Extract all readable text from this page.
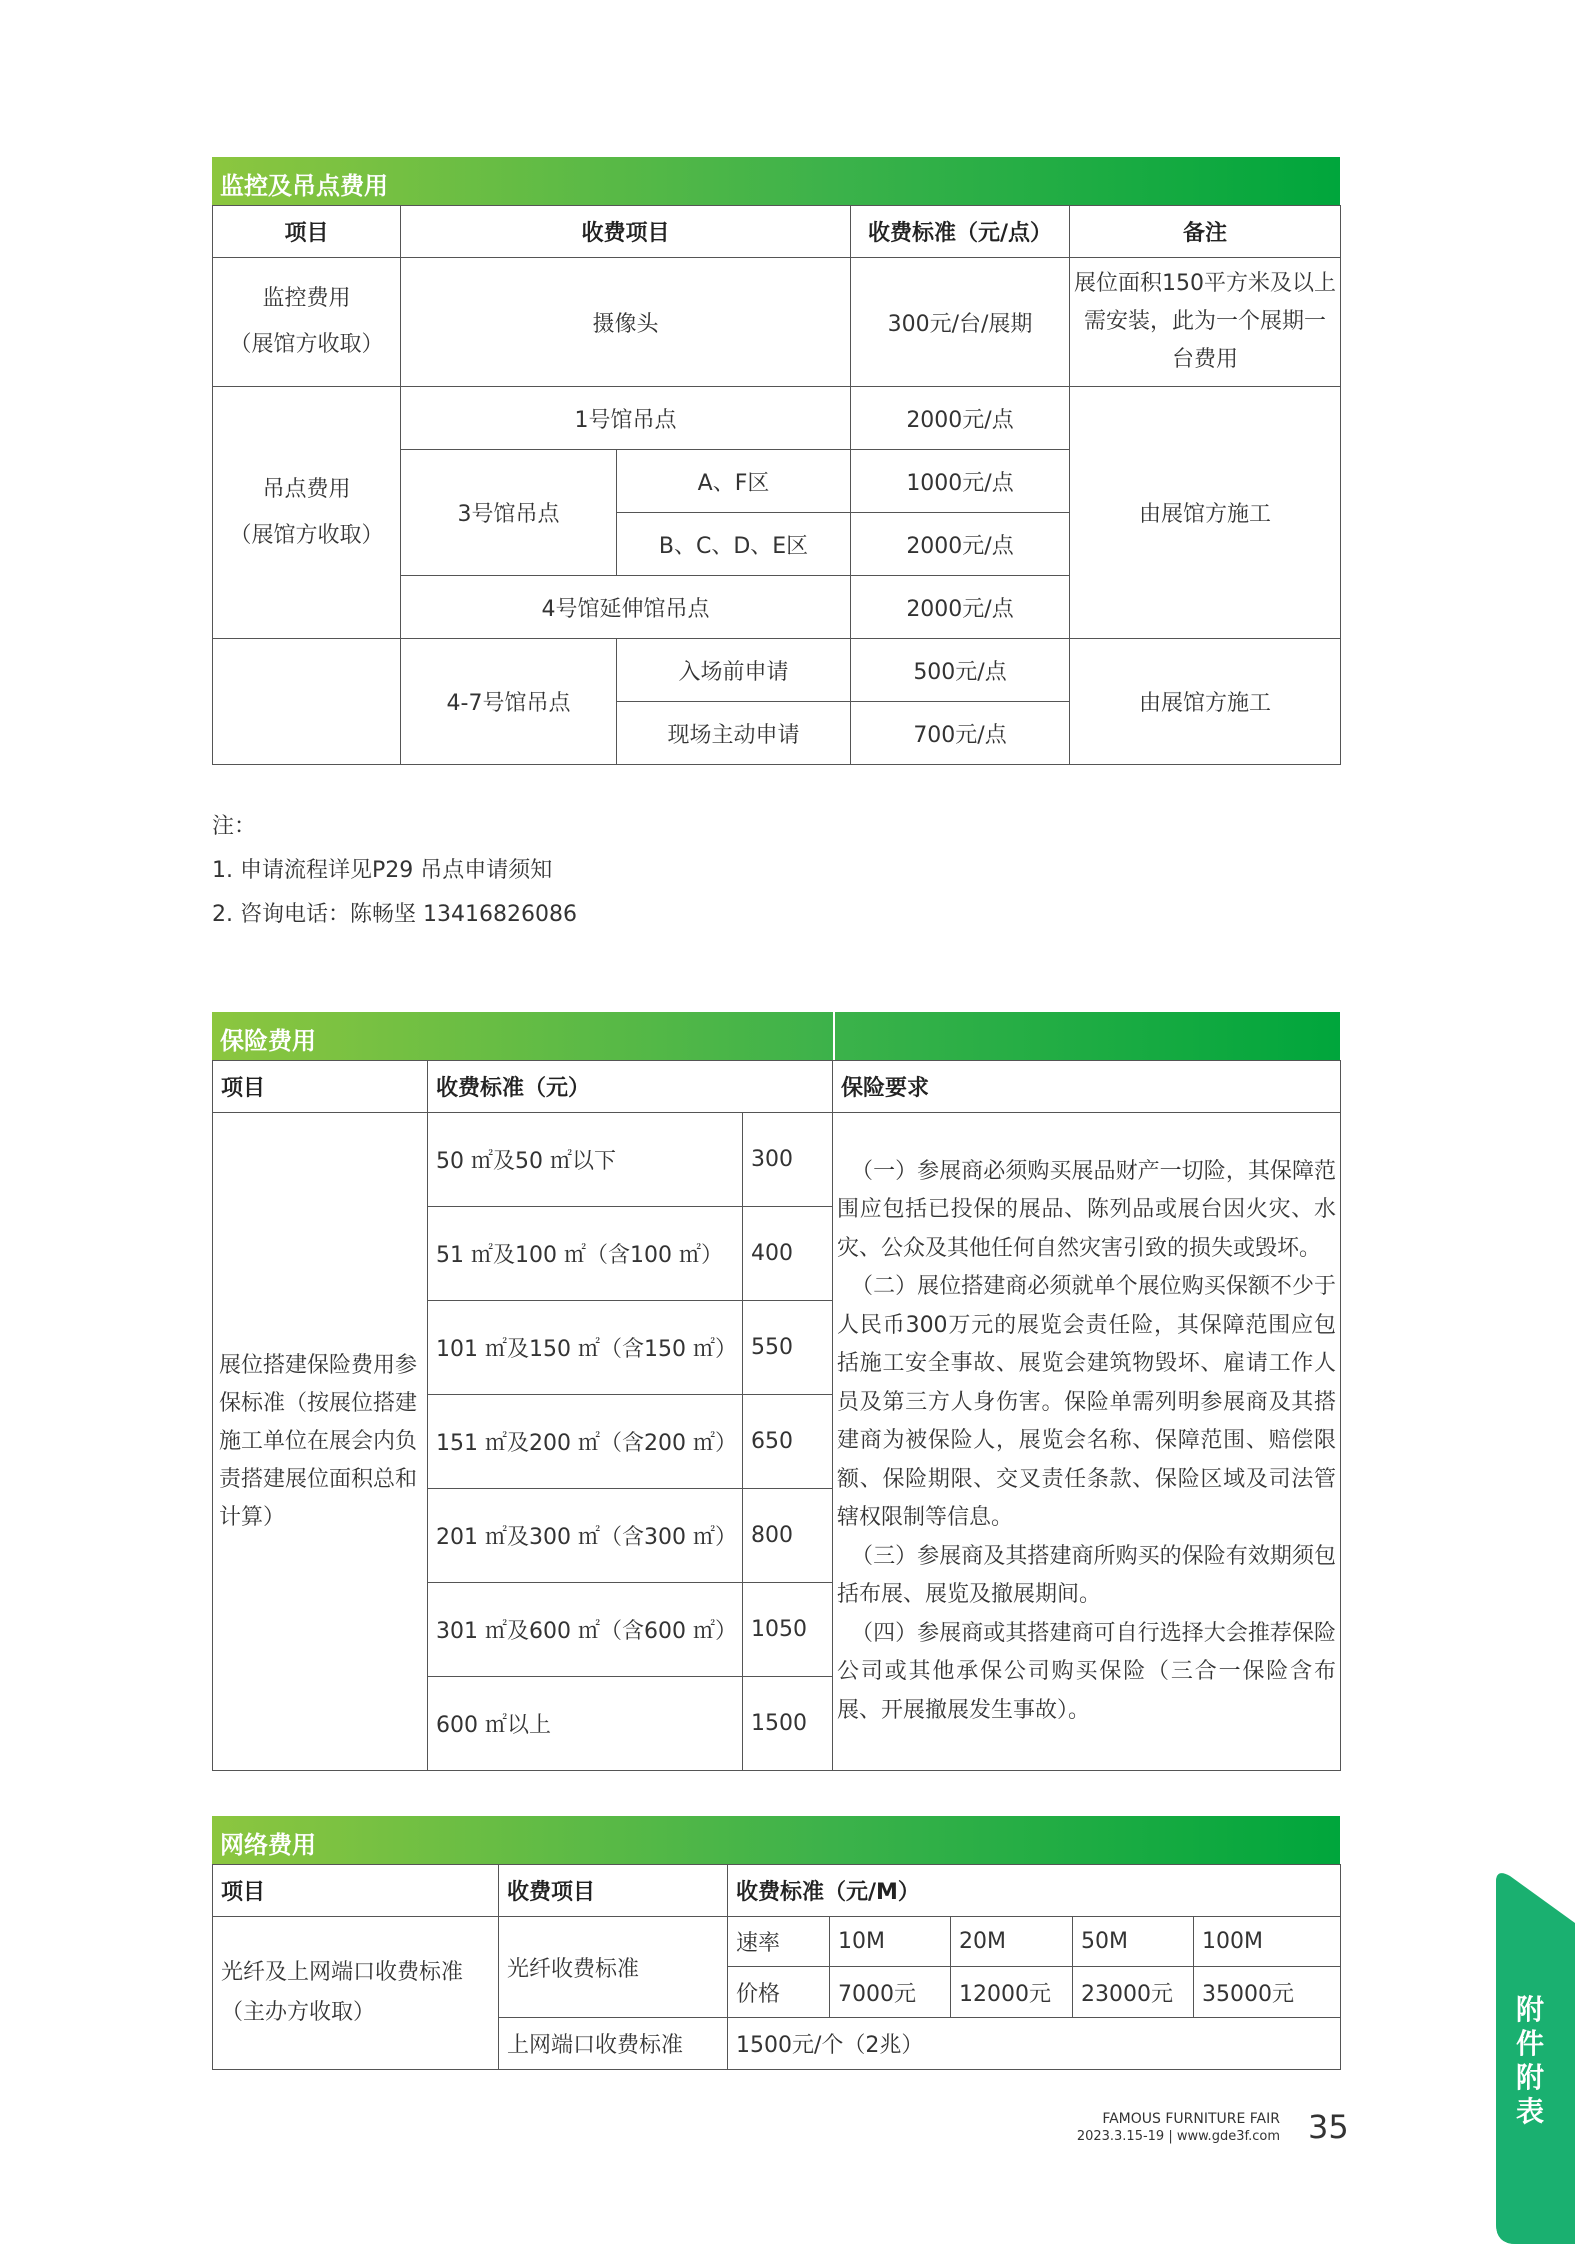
监控及吊点费用
项目	收费项目		收费标准（元/点）	备注

监控费用
（展馆方收取）	摄像头		300元/台/展期	展位面积150平方米及以上需安装，此为一个展期一台费用

吊点费用
（展馆方收取）	1号馆吊点		2000元/点	由展馆方施工
	3号馆吊点	A、F区	1000元/点	
		B、C、D、E区	2000元/点	
	4号馆延伸馆吊点		2000元/点	
	4-7号馆吊点	入场前申请	500元/点	由展馆方施工
		现场主动申请	700元/点	
注：
1. 申请流程详见P29 吊点申请须知
2. 咨询电话：陈畅坚 13416826086
保险费用
项目	收费标准（元）		保险要求
展位搭建保险费用参保标准（按展位搭建施工单位在展会内负责搭建展位面积总和计算）	50 ㎡及50 ㎡以下	300	（一）参展商必须购买展品财产一切险，其保障范围应包括已投保的展品、陈列品或展台因火灾、水灾、公众及其他任何自然灾害引致的损失或毁坏。
（二）展位搭建商必须就单个展位购买保额不少于人民币300万元的展览会责任险，其保障范围应包括施工安全事故、展览会建筑物毁坏、雇请工作人员及第三方人身伤害。保险单需列明参展商及其搭建商为被保险人，展览会名称、保障范围、赔偿限额、保险期限、交叉责任条款、保险区域及司法管辖权限制等信息。
（三）参展商及其搭建商所购买的保险有效期须包括布展、展览及撤展期间。
（四）参展商或其搭建商可自行选择大会推荐保险公司或其他承保公司购买保险（三合一保险含布展、开展撤展发生事故）。

	51 ㎡及100 ㎡（含100 ㎡）	400	
	101 ㎡及150 ㎡（含150 ㎡）	550	
	151 ㎡及200 ㎡（含200 ㎡）	650	
	201 ㎡及300 ㎡（含300 ㎡）	800	
	301 ㎡及600 ㎡（含600 ㎡）	1050	
	600 ㎡以上	1500	
网络费用
项目	收费项目	收费标准（元/M）				

光纤及上网端口收费标准
（主办方收取）	光纤收费标准	速率	10M	20M	50M	100M
		价格	7000元	12000元	23000元	35000元
	上网端口收费标准	1500元/个（2兆）				
FAMOUS FURNITURE FAIR
2023.3.15-19 | www.gde3f.com 35
附件附表
